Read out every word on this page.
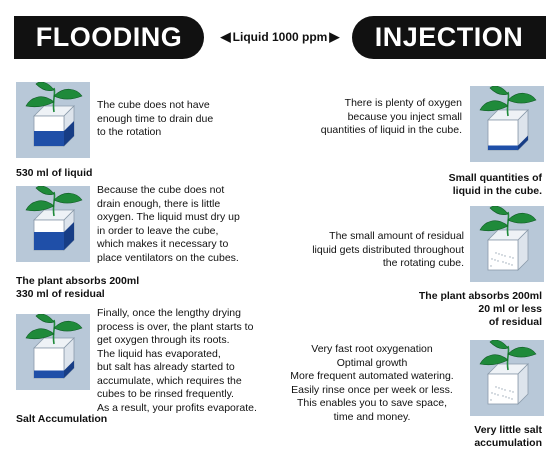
FLOODING	◀ Liquid 1000 ppm ▶ INJECTION
The cube does not have
enough time to drain due
to the rotation
530 ml of liquid
Because the cube does not
drain enough, there is little
oxygen. The liquid must dry up
in order to leave the cube,
which makes it necessary to
place ventilators on the cubes.
The plant absorbs 200ml
330 ml of residual
Finally, once the lengthy drying
process is over, the plant starts to
get oxygen through its roots.
The liquid has evaporated,
but salt has already started to
accumulate, which requires the
cubes to be rinsed frequently.
As a result, your profits evaporate.
Salt Accumulation
There is plenty of oxygen
because you inject small
quantities of liquid in the cube.
Small quantities of
liquid in the cube.
The small amount of residual
liquid gets distributed throughout
the rotating cube.
The plant absorbs 200ml
20 ml or less
of residual
Very fast root oxygenation
Optimal growth
More frequent automated watering.
Easily rinse once per week or less.
This enables you to save space,
time and money.
Very little salt
accumulation
